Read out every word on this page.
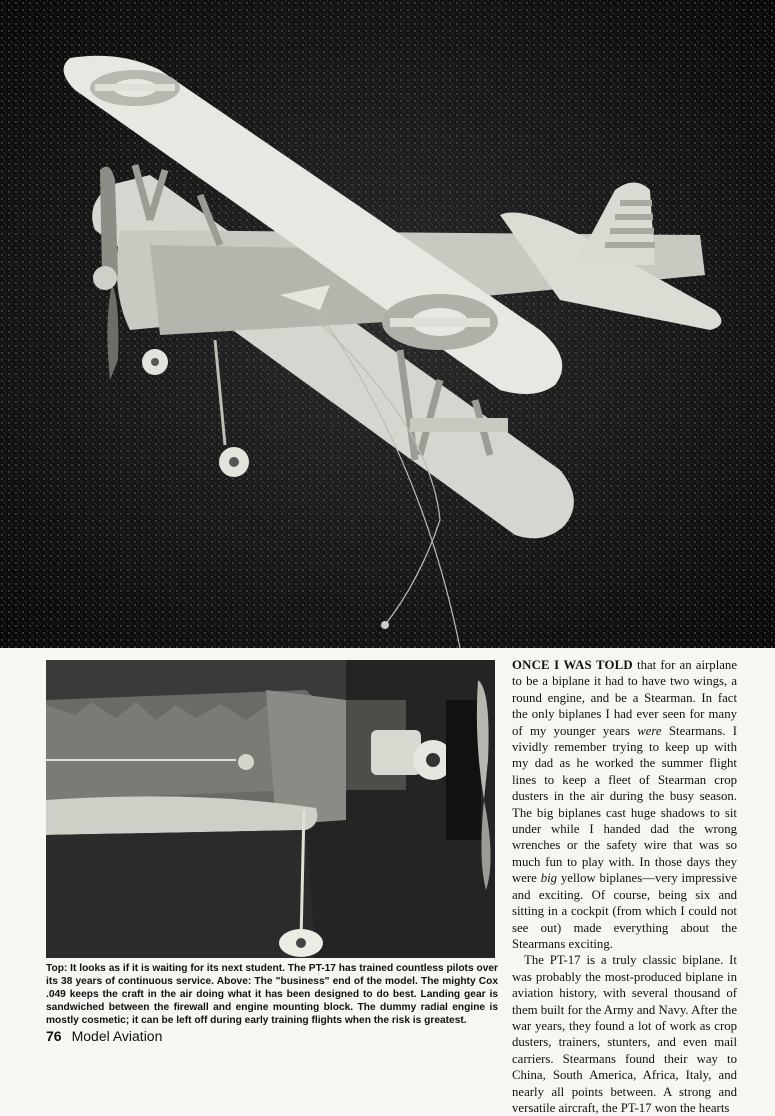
Top: It looks as if it is waiting for its next student. The PT-17 has trained countless pilots over its 38 years of continuous service. Above: The "business" end of the model. The mighty Cox .049 keeps the craft in the air doing what it has been designed to do best. Landing gear is sandwiched between the firewall and engine mounting block. The dummy radial engine is mostly cosmetic; it can be left off during early training flights when the risk is greatest.

ONCE I WAS TOLD that for an airplane to be a biplane it had to have two wings, a round engine, and be a Stearman. In fact the only biplanes I had ever seen for many of my younger years were Stearmans. I vividly remember trying to keep up with my dad as he worked the summer flight lines to keep a fleet of Stearman crop dusters in the air during the busy season. The big biplanes cast huge shadows to sit under while I handed dad the wrong wrenches or the safety wire that was so much fun to play with. In those days they were big yellow biplanes—very impressive and exciting. Of course, being six and sitting in a cockpit (from which I could not see out) made everything about the Stearmans exciting.

The PT-17 is a truly classic biplane. It was probably the most-produced biplane in aviation history, with several thousand of them built for the Army and Navy. After the war years, they found a lot of work as crop dusters, trainers, stunters, and even mail carriers. Stearmans found their way to China, South America, Africa, Italy, and nearly all points between. A strong and versatile aircraft, the PT-17 won the hearts

76 Model Aviation
